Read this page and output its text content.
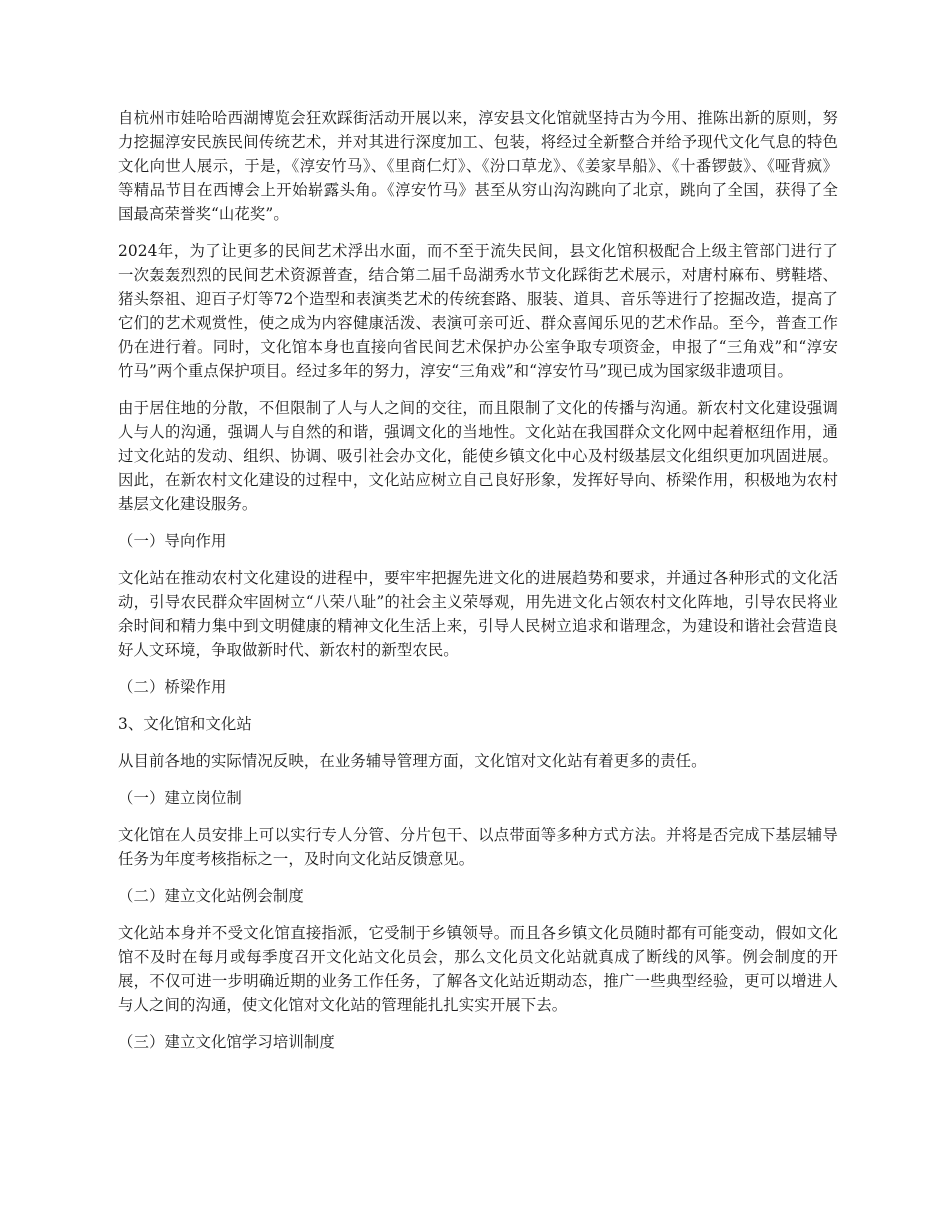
自杭州市娃哈哈西湖博览会狂欢踩街活动开展以来，淳安县文化馆就坚持古为今用、推陈出新的原则，努力挖掘淳安民族民间传统艺术，并对其进行深度加工、包装，将经过全新整合并给予现代文化气息的特色文化向世人展示，于是，《淳安竹马》、《里商仁灯》、《汾口草龙》、《姜家旱船》、《十番锣鼓》、《哑背疯》等精品节目在西博会上开始崭露头角。《淳安竹马》甚至从穷山沟沟跳向了北京，跳向了全国，获得了全国最高荣誉奖“山花奖”。

2024年，为了让更多的民间艺术浮出水面，而不至于流失民间，县文化馆积极配合上级主管部门进行了一次轰轰烈烈的民间艺术资源普查，结合第二届千岛湖秀水节文化踩街艺术展示，对唐村麻布、劈鞋塔、猪头祭祖、迎百子灯等72个造型和表演类艺术的传统套路、服装、道具、音乐等进行了挖掘改造，提高了它们的艺术观赏性，使之成为内容健康活泼、表演可亲可近、群众喜闻乐见的艺术作品。至今，普查工作仍在进行着。同时，文化馆本身也直接向省民间艺术保护办公室争取专项资金，申报了“三角戏”和“淳安竹马”两个重点保护项目。经过多年的努力，淳安“三角戏”和“淳安竹马”现已成为国家级非遗项目。

由于居住地的分散，不但限制了人与人之间的交往，而且限制了文化的传播与沟通。新农村文化建设强调人与人的沟通，强调人与自然的和谐，强调文化的当地性。文化站在我国群众文化网中起着枢纽作用，通过文化站的发动、组织、协调、吸引社会办文化，能使乡镇文化中心及村级基层文化组织更加巩固进展。因此，在新农村文化建设的过程中，文化站应树立自己良好形象，发挥好导向、桥梁作用，积极地为农村基层文化建设服务。

（一）导向作用

文化站在推动农村文化建设的进程中，要牢牢把握先进文化的进展趋势和要求，并通过各种形式的文化活动，引导农民群众牢固树立“八荣八耻”的社会主义荣辱观，用先进文化占领农村文化阵地，引导农民将业余时间和精力集中到文明健康的精神文化生活上来，引导人民树立追求和谐理念，为建设和谐社会营造良好人文环境，争取做新时代、新农村的新型农民。

（二）桥梁作用

3、文化馆和文化站

从目前各地的实际情况反映，在业务辅导管理方面，文化馆对文化站有着更多的责任。

（一）建立岗位制

文化馆在人员安排上可以实行专人分管、分片包干、以点带面等多种方式方法。并将是否完成下基层辅导任务为年度考核指标之一，及时向文化站反馈意见。

（二）建立文化站例会制度

文化站本身并不受文化馆直接指派，它受制于乡镇领导。而且各乡镇文化员随时都有可能变动，假如文化馆不及时在每月或每季度召开文化站文化员会，那么文化员文化站就真成了断线的风筝。例会制度的开展，不仅可进一步明确近期的业务工作任务，了解各文化站近期动态，推广一些典型经验，更可以增进人与人之间的沟通，使文化馆对文化站的管理能扎扎实实开展下去。

（三）建立文化馆学习培训制度
